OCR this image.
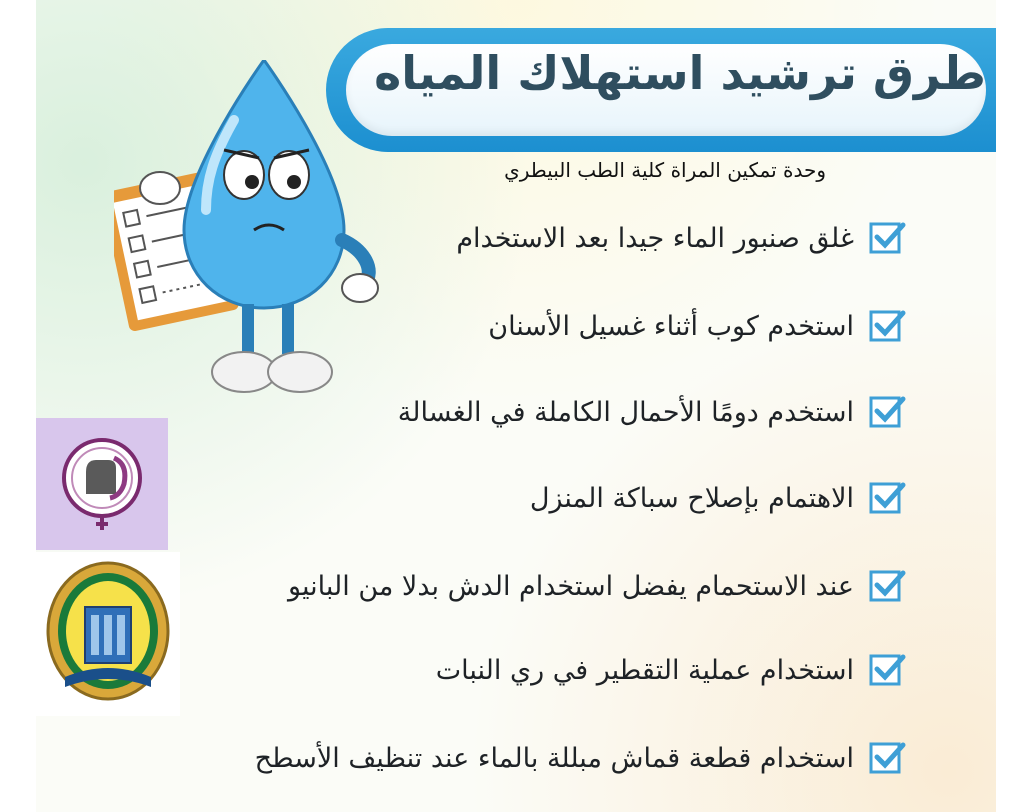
طرق ترشيد استهلاك المياه
وحدة تمكين المراة كلية الطب البيطري
غلق صنبور الماء جيدا بعد الاستخدام
استخدم كوب أثناء غسيل الأسنان
استخدم دومًا الأحمال الكاملة في الغسالة
الاهتمام بإصلاح سباكة المنزل
عند الاستحمام يفضل استخدام الدش بدلا من البانيو
استخدام عملية التقطير في ري النبات
استخدام قطعة قماش مبللة بالماء عند تنظيف الأسطح
